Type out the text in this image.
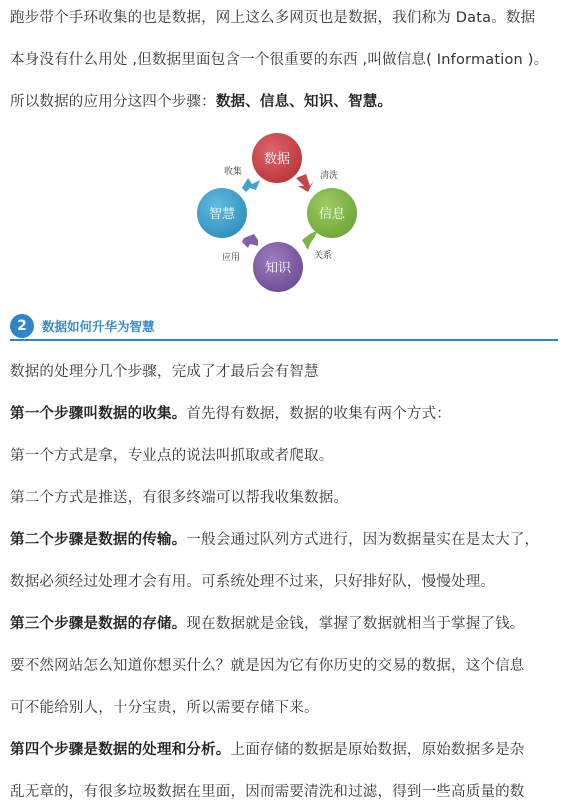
跑步带个手环收集的也是数据，网上这么多网页也是数据，我们称为 Data。数据
本身没有什么用处 ,但数据里面包含一个很重要的东西 ,叫做信息( Information )。
所以数据的应用分这四个步骤：数据、信息、知识、智慧。
数据
信息
知识
智慧
清洗
关系
应用
收集
2	数据如何升华为智慧
数据的处理分几个步骤，完成了才最后会有智慧
第一个步骤叫数据的收集。首先得有数据，数据的收集有两个方式：
第一个方式是拿，专业点的说法叫抓取或者爬取。
第二个方式是推送，有很多终端可以帮我收集数据。
第二个步骤是数据的传输。一般会通过队列方式进行，因为数据量实在是太大了，
数据必须经过处理才会有用。可系统处理不过来，只好排好队，慢慢处理。
第三个步骤是数据的存储。现在数据就是金钱，掌握了数据就相当于掌握了钱。
要不然网站怎么知道你想买什么？就是因为它有你历史的交易的数据，这个信息
可不能给别人，十分宝贵，所以需要存储下来。
第四个步骤是数据的处理和分析。上面存储的数据是原始数据，原始数据多是杂
乱无章的，有很多垃圾数据在里面，因而需要清洗和过滤，得到一些高质量的数
